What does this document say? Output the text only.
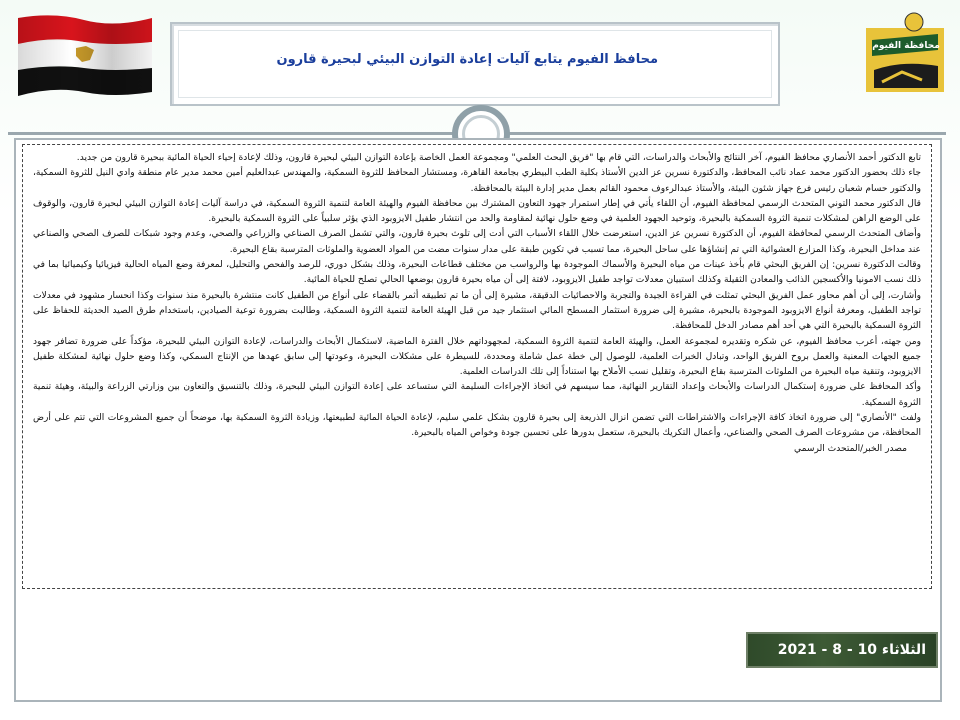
محافظة الفيوم
محافظ الفيوم يتابع آليات إعادة التوازن البيئي لبحيرة قارون

تابع الدكتور أحمد الأنصاري محافظ الفيوم، آخر النتائج والأبحاث والدراسات، التي قام بها "فريق البحث العلمي" ومجموعة العمل الخاصة بإعادة التوازن البيئي لبحيرة قارون، وذلك لإعادة إحياء الحياة المائية ببحيرة قارون من جديد.

جاء ذلك بحضور الدكتور محمد عماد نائب المحافظ، والدكتورة نسرين عز الدين الأستاذ بكلية الطب البيطري بجامعة القاهرة، ومستشار المحافظ للثروة السمكية، والمهندس عبدالعليم أمين محمد مدير عام منطقة وادي النيل للثروة السمكية، والدكتور حسام شعبان رئيس فرع جهاز شئون البيئة، والأستاذ عبدالرءوف محمود القائم بعمل مدير إدارة البيئة بالمحافظة.

قال الدكتور محمد التوني المتحدث الرسمي لمحافظة الفيوم، أن اللقاء يأتي في إطار استمرار جهود التعاون المشترك بين محافظة الفيوم والهيئة العامة لتنمية الثروة السمكية، في دراسة آليات إعادة التوازن البيئي لبحيرة قارون، والوقوف على الوضع الراهن لمشكلات تنمية الثروة السمكية بالبحيرة، وتوحيد الجهود العلمية في وضع حلول نهائية لمقاومة والحد من انتشار طفيل الايزوبود الذي يؤثر سلبياً على الثروة السمكية بالبحيرة.

وأضاف المتحدث الرسمي لمحافظة الفيوم، أن الدكتورة نسرين عز الدين، استعرضت خلال اللقاء الأسباب التي أدت إلى تلوث بحيرة قارون، والتي تشمل الصرف الصناعي والزراعي والصحي، وعدم وجود شبكات للصرف الصحي والصناعي عند مداخل البحيرة، وكذا المزارع العشوائية التي تم إنشاؤها على ساحل البحيرة، مما تسبب في تكوين طبقة على مدار سنوات مضت من المواد العضوية والملوثات المترسبة بقاع البحيرة.

وقالت الدكتورة نسرين: إن الفريق البحثي قام بأخذ عينات من مياه البحيرة والأسماك الموجودة بها والرواسب من مختلف قطاعات البحيرة، وذلك بشكل دوري، للرصد والفحص والتحليل، لمعرفة وضع المياه الحالية فيزيائيا وكيميائيا بما في ذلك نسب الامونيا والأكسجين الذائب والمعادن الثقيلة وكذلك استبيان معدلات تواجد طفيل الايزوبود، لافتة إلى أن مياه بحيرة قارون بوضعها الحالي تصلح للحياة المائية.

وأشارت، إلى أن أهم محاور عمل الفريق البحثي تمثلت في القراءة الجيدة والتجربة والاحصائيات الدقيقة، مشيرة إلى أن ما تم تطبيقه أثمر بالقضاء على أنواع من الطفيل كانت منتشرة بالبحيرة منذ سنوات وكذا انحسار مشهود في معدلات تواجد الطفيل، ومعرفة أنواع الايزوبود الموجودة بالبحيرة، مشيرة إلى ضرورة استثمار المسطح المائي استثمار جيد من قبل الهيئة العامة لتنمية الثروة السمكية، وطالبت بضرورة توعية الصيادين، باستخدام طرق الصيد الحديثة للحفاظ على الثروة السمكية بالبحيرة التي هي أحد أهم مصادر الدخل للمحافظة.

ومن جهته، أعرب محافظ الفيوم، عن شكره وتقديره لمجموعة العمل، والهيئة العامة لتنمية الثروة السمكية، لمجهوداتهم خلال الفترة الماضية، لاستكمال الأبحاث والدراسات، لإعادة التوازن البيئي للبحيرة، مؤكداً على ضرورة تضافر جهود جميع الجهات المعنية والعمل بروح الفريق الواحد، وتبادل الخبرات العلمية، للوصول إلى خطة عمل شاملة ومحددة، للسيطرة على مشكلات البحيرة، وعودتها إلى سابق عهدها من الإنتاج السمكي، وكذا وضع حلول نهائية لمشكلة طفيل الايزوبود، وتنقية مياه البحيرة من الملوثات المترسبة بقاع البحيرة، وتقليل نسب الأملاح بها استناداً إلى تلك الدراسات العلمية.

وأكد المحافظ على ضرورة إستكمال الدراسات والأبحاث وإعداد التقارير النهائية، مما سيسهم في اتخاذ الإجراءات السليمة التي ستساعد على إعادة التوازن البيئي للبحيرة، وذلك بالتنسيق والتعاون بين وزارتي الزراعة والبيئة، وهيئة تنمية الثروة السمكية.

ولفت "الأنصاري" إلى ضرورة اتخاذ كافة الإجراءات والاشتراطات التي تضمن انزال الذريعة إلى بحيرة قارون بشكل علمي سليم، لإعادة الحياة المائية لطبيعتها، وزيادة الثروة السمكية بها، موضحاً أن جميع المشروعات التي تتم على أرض المحافظة، من مشروعات الصرف الصحي والصناعي، وأعمال التكريك بالبحيرة، ستعمل بدورها على تحسين جودة وخواص المياه بالبحيرة.

مصدر الخبر/المتحدث الرسمي
الثلاثاء 10 - 8 - 2021
